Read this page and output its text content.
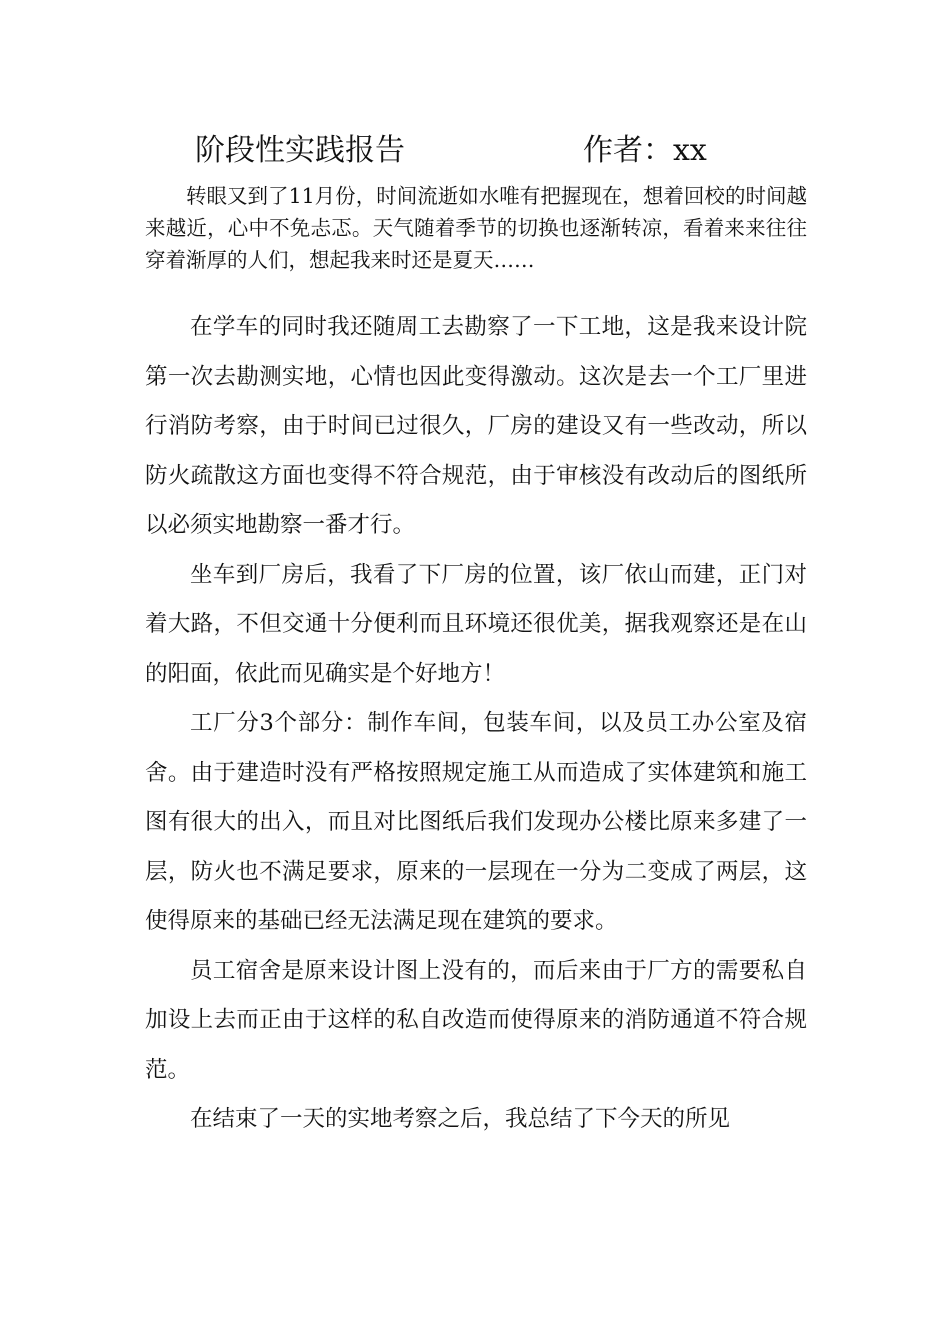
阶段性实践报告	作者：xx

转眼又到了11月份，时间流逝如水唯有把握现在，想着回校的时间越来越近，心中不免忐忑。天气随着季节的切换也逐渐转凉，看着来来往往穿着渐厚的人们，想起我来时还是夏天……

在学车的同时我还随周工去勘察了一下工地，这是我来设计院第一次去勘测实地，心情也因此变得激动。这次是去一个工厂里进行消防考察，由于时间已过很久，厂房的建设又有一些改动，所以防火疏散这方面也变得不符合规范，由于审核没有改动后的图纸所以必须实地勘察一番才行。

坐车到厂房后，我看了下厂房的位置，该厂依山而建，正门对着大路，不但交通十分便利而且环境还很优美，据我观察还是在山的阳面，依此而见确实是个好地方！

工厂分3个部分：制作车间，包装车间，以及员工办公室及宿舍。由于建造时没有严格按照规定施工从而造成了实体建筑和施工图有很大的出入，而且对比图纸后我们发现办公楼比原来多建了一层，防火也不满足要求，原来的一层现在一分为二变成了两层，这使得原来的基础已经无法满足现在建筑的要求。

员工宿舍是原来设计图上没有的，而后来由于厂方的需要私自加设上去而正由于这样的私自改造而使得原来的消防通道不符合规范。

在结束了一天的实地考察之后，我总结了下今天的所见
